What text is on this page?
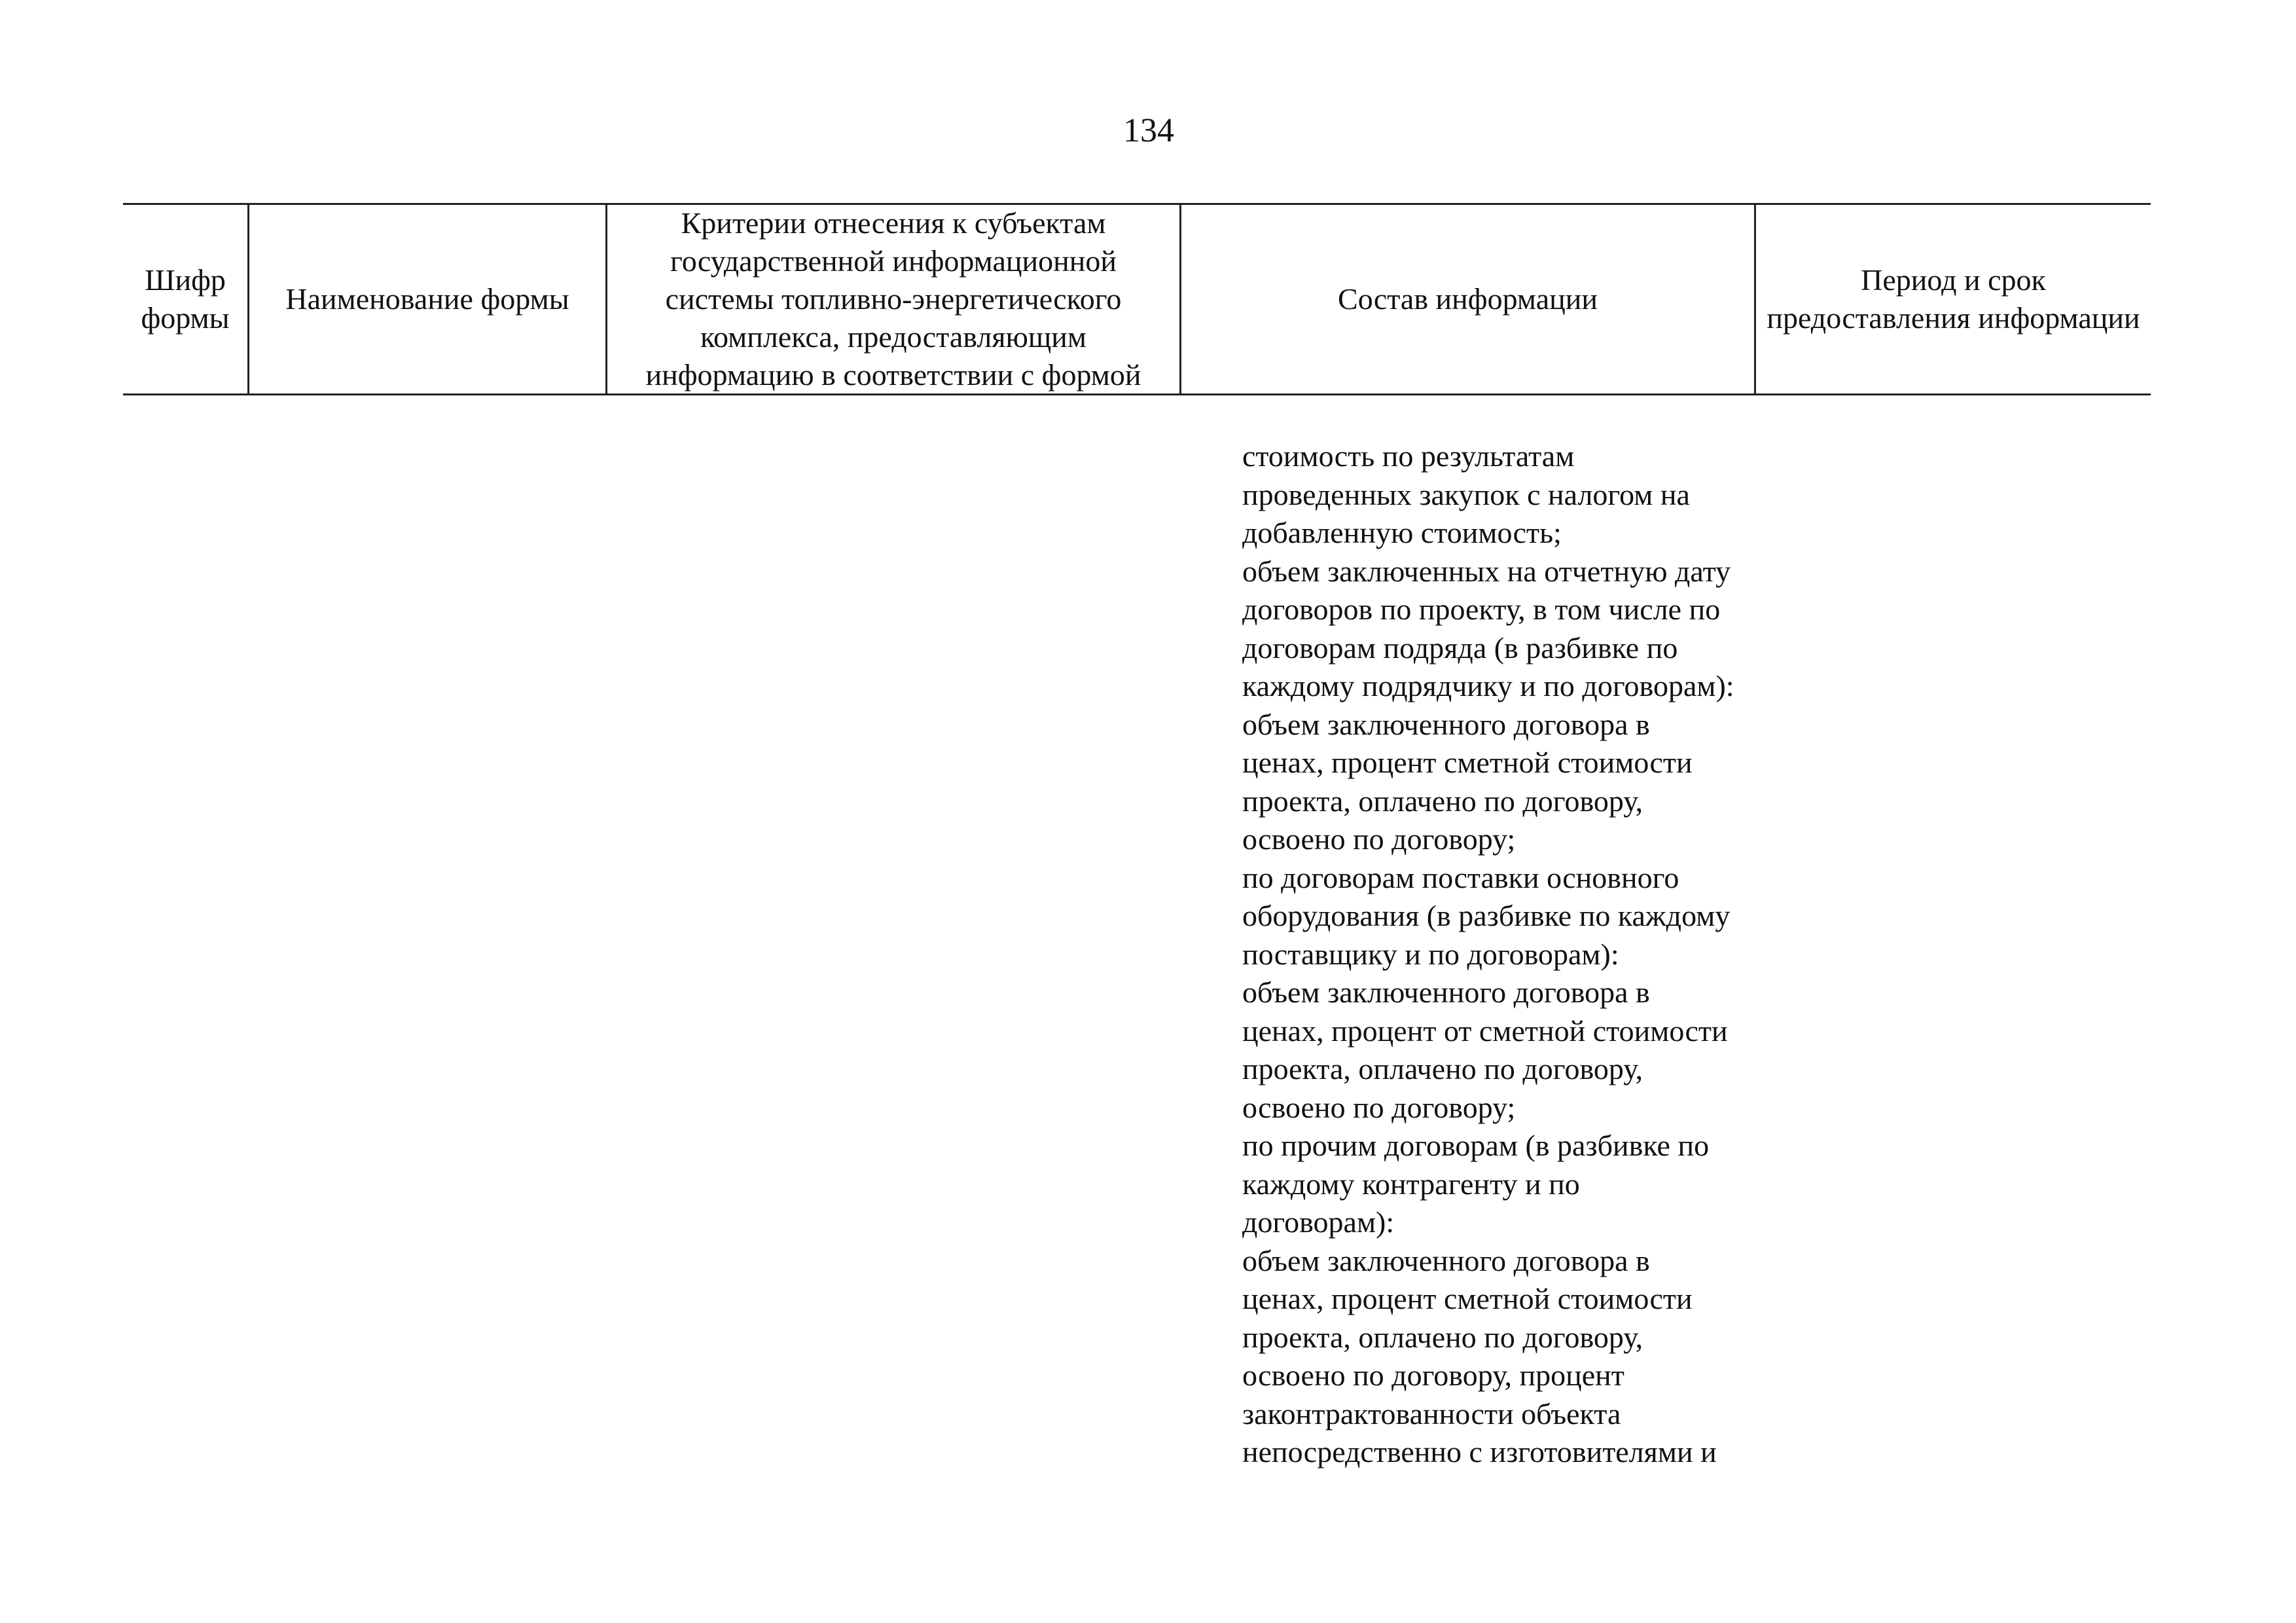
134
Шифр формы
Наименование формы
Критерии отнесения к субъектам государственной информационной системы топливно-энергетического комплекса, предоставляющим информацию в соответствии с формой
Состав информации
Период и срок предоставления информации
стоимость по результатам
проведенных закупок с налогом на
добавленную стоимость;
объем заключенных на отчетную дату
договоров по проекту, в том числе по
договорам подряда (в разбивке по
каждому подрядчику и по договорам):
объем заключенного договора в
ценах, процент сметной стоимости
проекта, оплачено по договору,
освоено по договору;
по договорам поставки основного
оборудования (в разбивке по каждому
поставщику и по договорам):
объем заключенного договора в
ценах, процент от сметной стоимости
проекта, оплачено по договору,
освоено по договору;
по прочим договорам (в разбивке по
каждому контрагенту и по
договорам):
объем заключенного договора в
ценах, процент сметной стоимости
проекта, оплачено по договору,
освоено по договору, процент
законтрактованности объекта
непосредственно с изготовителями и
